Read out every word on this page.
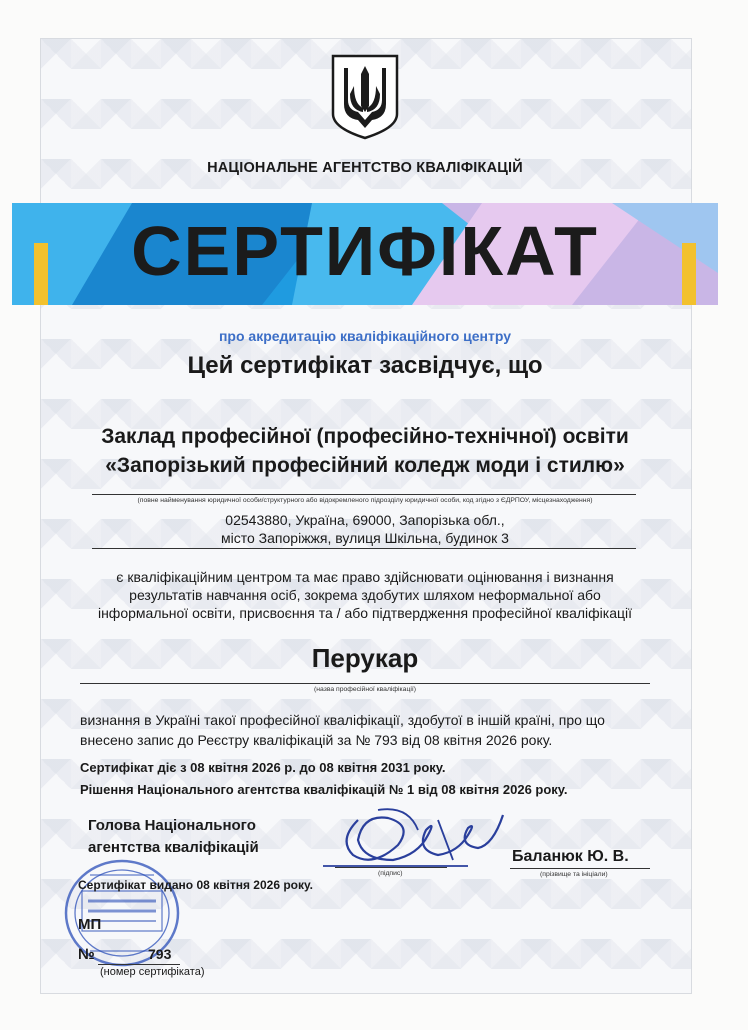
НАЦІОНАЛЬНЕ АГЕНТСТВО КВАЛІФІКАЦІЙ
СЕРТИФІКАТ
про акредитацію кваліфікаційного центру
Цей сертифікат засвідчує, що
Заклад професійної (професійно-технічної) освіти
«Запорізький професійний коледж моди і стилю»
(повне найменування юридичної особи/структурного або відокремленого підрозділу юридичної особи, код згідно з ЄДРПОУ, місцезнаходження)
02543880, Україна, 69000, Запорізька обл.,
місто Запоріжжя, вулиця Шкільна, будинок 3
є кваліфікаційним центром та має право здійснювати оцінювання і визнання
результатів навчання осіб, зокрема здобутих шляхом неформальної або
інформальної освіти, присвоєння та / або підтвердження професійної кваліфікації
Перукар
(назва професійної кваліфікації)
визнання в Україні такої професійної кваліфікації, здобутої в іншій країні, про що
внесено запис до Реєстру кваліфікацій за № 793 від 08 квітня 2026 року.
Сертифікат діє з 08 квітня 2026 р. до 08 квітня 2031 року.
Рішення Національного агентства кваліфікацій № 1 від 08 квітня 2026 року.
Голова Національного
агентства кваліфікацій
(підпис)
Баланюк Ю. В.
(прізвище та ініціали)
Сертифікат видано 08 квітня 2026 року.
МП
№	793
(номер сертифіката)
